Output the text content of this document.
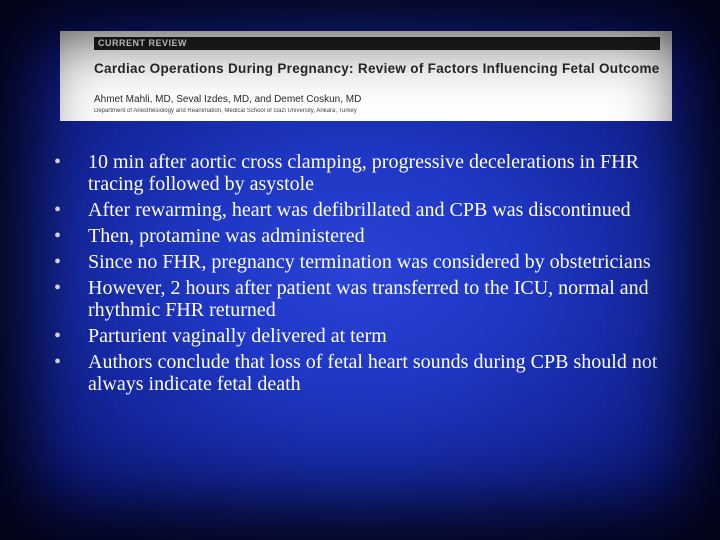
CURRENT REVIEW
Cardiac Operations During Pregnancy: Review of Factors Influencing Fetal Outcome
Ahmet Mahli, MD, Seval Izdes, MD, and Demet Coskun, MD
Department of Anesthesiology and Reanimation, Medical School of Gazi University, Ankara, Turkey
•	10 min after aortic cross clamping, progressive decelerations in FHR tracing followed by asystole
•	After rewarming, heart was defibrillated and CPB was discontinued
•	Then, protamine was administered
•	Since no FHR, pregnancy termination was considered by obstetricians
•	However, 2 hours after patient was transferred to the ICU, normal and rhythmic FHR returned
•	Parturient vaginally delivered at term
•	Authors conclude that loss of fetal heart sounds during CPB should not always indicate fetal death
